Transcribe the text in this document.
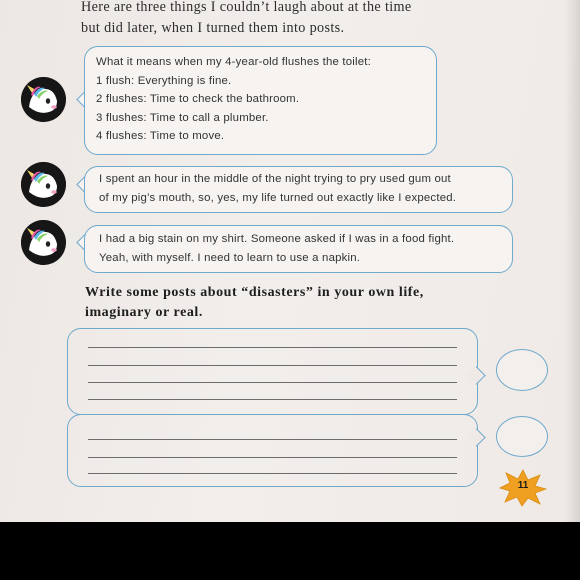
Here are three things I couldn’t laugh about at the time
but did later, when I turned them into posts.

What it means when my 4-year-old flushes the toilet:
1 flush: Everything is fine.
2 flushes: Time to check the bathroom.
3 flushes: Time to call a plumber.
4 flushes: Time to move.

I spent an hour in the middle of the night trying to pry used gum out
of my pig’s mouth, so, yes, my life turned out exactly like I expected.

I had a big stain on my shirt. Someone asked if I was in a food fight.
Yeah, with myself. I need to learn to use a napkin.

Write some posts about “disasters” in your own life,
imaginary or real.

11
